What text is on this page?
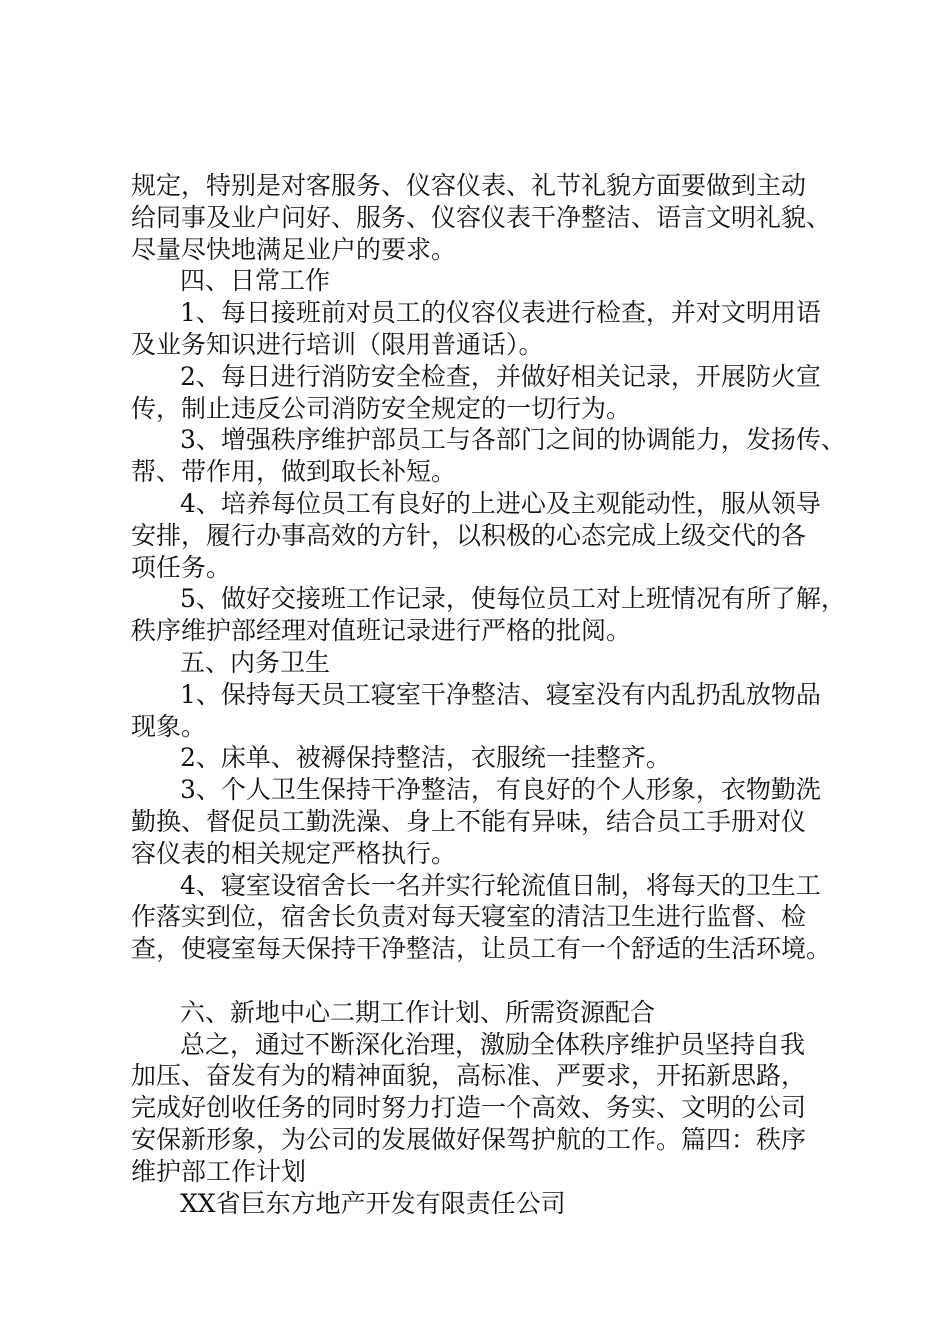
规定，特别是对客服务、仪容仪表、礼节礼貌方面要做到主动
给同事及业户问好、服务、仪容仪表干净整洁、语言文明礼貌、
尽量尽快地满足业户的要求。
四、日常工作
1、每日接班前对员工的仪容仪表进行检查，并对文明用语
及业务知识进行培训（限用普通话）。
2、每日进行消防安全检查，并做好相关记录，开展防火宣
传，制止违反公司消防安全规定的一切行为。
3、增强秩序维护部员工与各部门之间的协调能力，发扬传、
帮、带作用，做到取长补短。
4、培养每位员工有良好的上进心及主观能动性，服从领导
安排，履行办事高效的方针，以积极的心态完成上级交代的各
项任务。
5、做好交接班工作记录，使每位员工对上班情况有所了解，
秩序维护部经理对值班记录进行严格的批阅。
五、内务卫生
1、保持每天员工寝室干净整洁、寝室没有内乱扔乱放物品
现象。
2、床单、被褥保持整洁，衣服统一挂整齐。
3、个人卫生保持干净整洁，有良好的个人形象，衣物勤洗
勤换、督促员工勤洗澡、身上不能有异味，结合员工手册对仪
容仪表的相关规定严格执行。
4、寝室设宿舍长一名并实行轮流值日制，将每天的卫生工
作落实到位，宿舍长负责对每天寝室的清洁卫生进行监督、检
查，使寝室每天保持干净整洁，让员工有一个舒适的生活环境。
六、新地中心二期工作计划、所需资源配合
总之，通过不断深化治理，激励全体秩序维护员坚持自我
加压、奋发有为的精神面貌，高标准、严要求，开拓新思路，
完成好创收任务的同时努力打造一个高效、务实、文明的公司
安保新形象，为公司的发展做好保驾护航的工作。篇四：秩序
维护部工作计划
XX省巨东方地产开发有限责任公司
